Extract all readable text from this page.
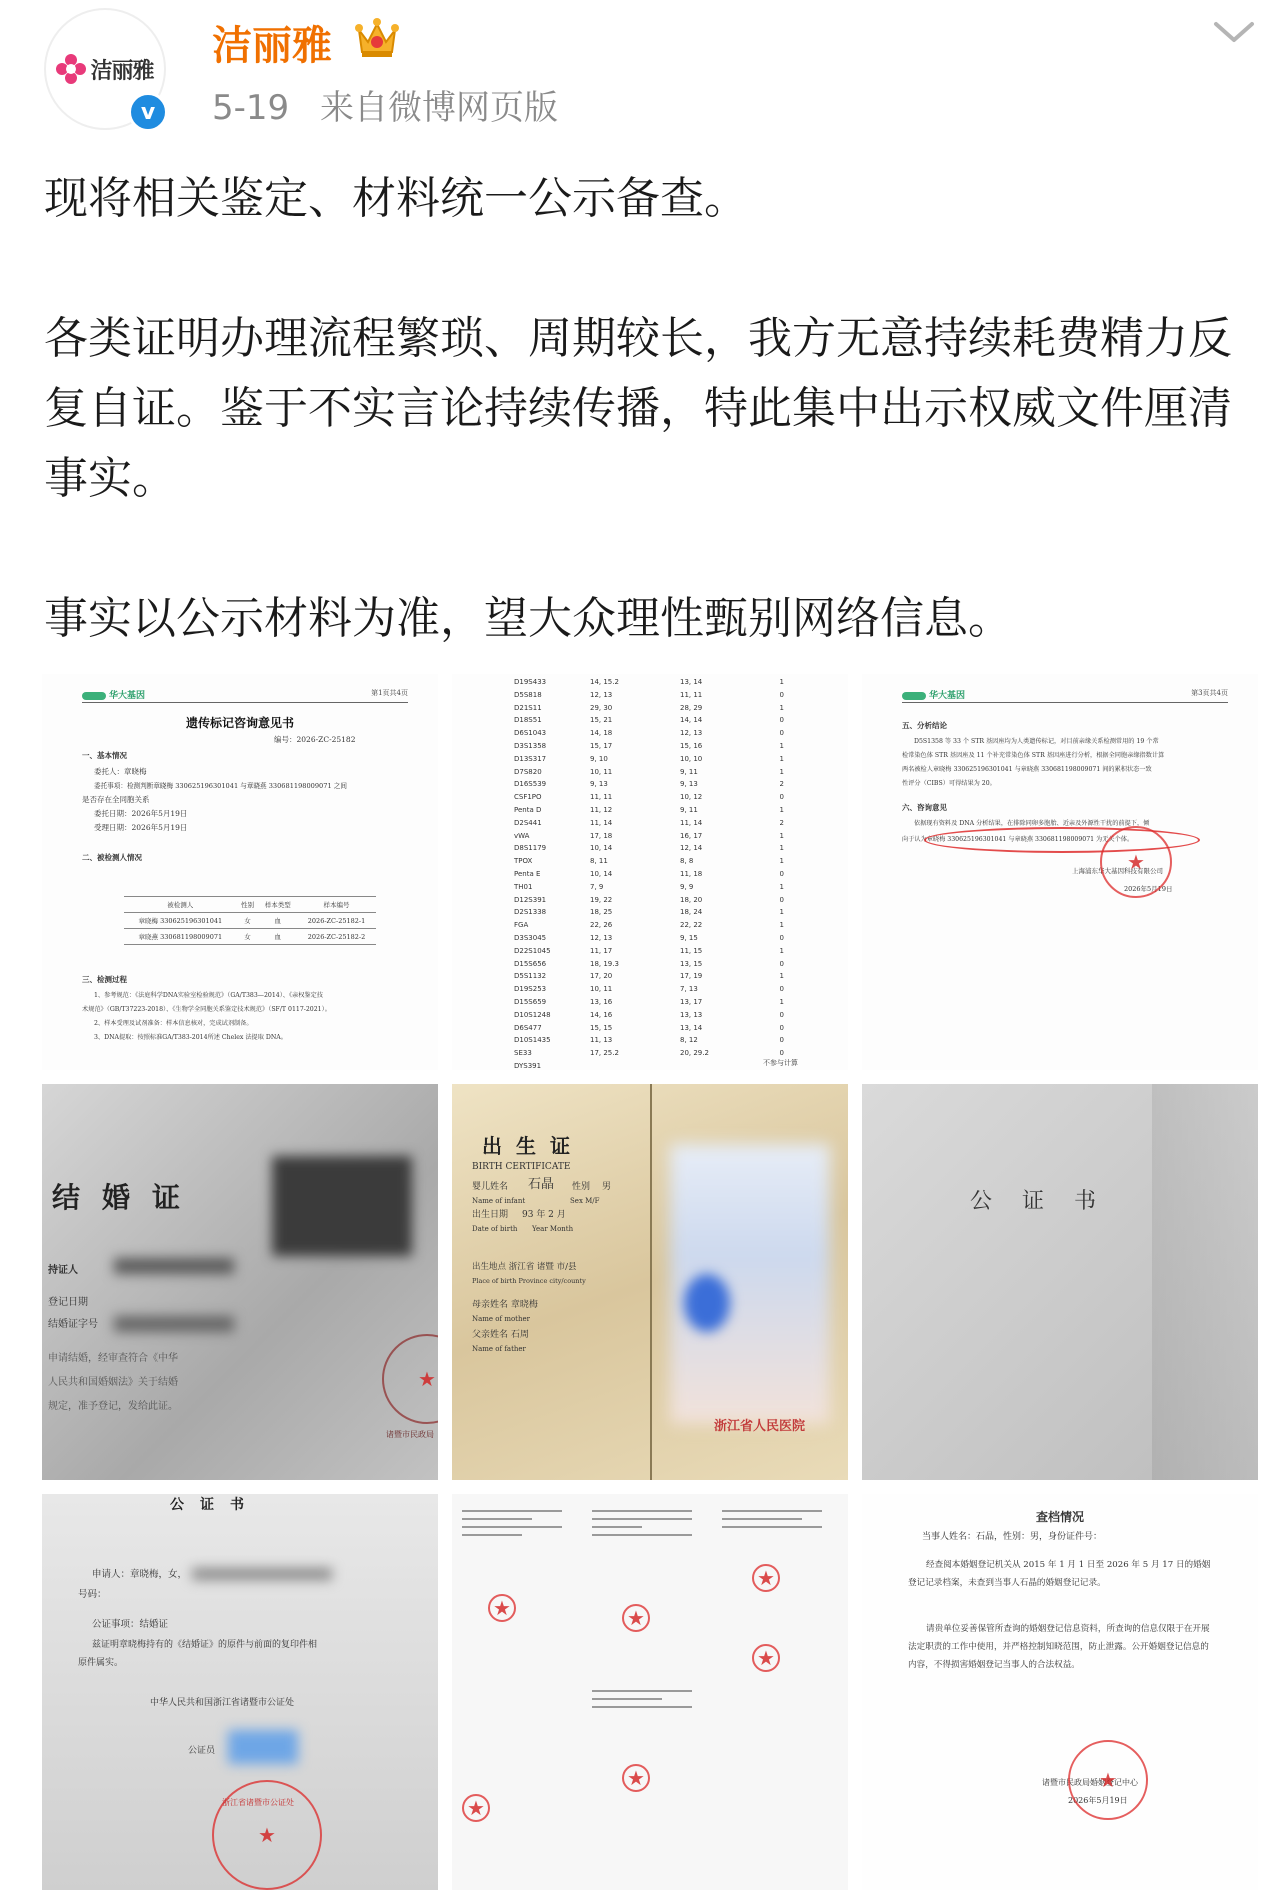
洁丽雅
v
洁丽雅
5-19 来自微博网页版

现将相关鉴定、材料统一公示备查。

各类证明办理流程繁琐、周期较长，我方无意持续耗费精力反复自证。鉴于不实言论持续传播，特此集中出示权威文件厘清事实。

事实以公示材料为准，望大众理性甄别网络信息。

华大基因	第1页共4页
遗传标记咨询意见书
编号：2026-ZC-25182
一、基本情况
委托人：章晓梅
委托事项：检测判断章晓梅 330625196301041 与章晓燕 330681198009071 之间
是否存在全同胞关系
委托日期：2026年5月19日
受理日期：2026年5月19日
二、被检测人情况
被检测人	性别	样本类型	样本编号
章晓梅 330625196301041	女	血	2026-ZC-25182-1
章晓燕 330681198009071	女	血	2026-ZC-25182-2
三、检测过程
1、参考规范：《法庭科学DNA实验室检验规范》（GA/T383—2014）、《亲权鉴定技
术规范》（GB/T37223-2018）、《生物学全同胞关系鉴定技术规范》（SF/T 0117-2021）。
2、样本受理及试剂准备：样本信息核对，完成试剂制备。
3、DNA提取：按照标准GA/T383-2014所述 Chelex 法提取 DNA。
D19S433	14, 15.2	13, 14	1
D5S818	12, 13	11, 11	0
D21S11	29, 30	28, 29	1
D18S51	15, 21	14, 14	0
D6S1043	14, 18	12, 13	0
D3S1358	15, 17	15, 16	1
D13S317	9, 10	10, 10	1
D7S820	10, 11	9, 11	1
D16S539	9, 13	9, 13	2
CSF1PO	11, 11	10, 12	0
Penta D	11, 12	9, 11	1
D2S441	11, 14	11, 14	2
vWA	17, 18	16, 17	1
D8S1179	10, 14	12, 14	1
TPOX	8, 11	8, 8	1
Penta E	10, 14	11, 18	0
TH01	7, 9	9, 9	1
D12S391	19, 22	18, 20	0
D2S1338	18, 25	18, 24	1
FGA	22, 26	22, 22	1
D3S3045	12, 13	9, 15	0
D22S1045	11, 17	11, 15	1
D15S656	18, 19.3	13, 15	0
D5S1132	17, 20	17, 19	1
D19S253	10, 11	7, 13	0
D15S659	13, 16	13, 17	1
D10S1248	14, 16	13, 13	0
D6S477	15, 15	13, 14	0
D10S1435	11, 13	8, 12	0
SE33	17, 25.2	20, 29.2	0
DYS391	不参与计算
华大基因	第3页共4页
五、分析结论
D5S1358 等 33 个 STR 基因座均为人类遗传标记，对目前亲缘关系检测常用的 19 个常
检常染色体 STR 基因座及 11 个补充常染色体 STR 基因座进行分析，根据全同胞亲缘指数计算
两名被检人章晓梅 330625196301041 与章晓燕 330681198009071 间的累积状态一致
性评分（CIBS）可得结果为 20。
六、咨询意见
依据现有资料及 DNA 分析结果，在排除同卵多胞胎、近亲及外源性干扰的前提下，倾
向于认为章晓梅 330625196301041 与章晓燕 330681198009071 为无关个体。
上海浦东华大基因科技有限公司
2026年5月19日
★
结婚证
持证人
登记日期
结婚证字号
申请结婚，经审查符合《中华
人民共和国婚姻法》关于结婚
规定，准予登记，发给此证。
★
诸暨市民政局
出生证
BIRTH CERTIFICATE
婴儿姓名 石晶 性别 男
Name of infant	Sex M/F
出生日期 93 年 2 月
Date of birth Year Month
出生地点 浙江省 诸暨 市/县
Place of birth Province city/county
母亲姓名 章晓梅
Name of mother
父亲姓名 石周
Name of father
浙江省人民医院
公证书
公证书
申请人：章晓梅，女，
号码：
公证事项：结婚证
兹证明章晓梅持有的《结婚证》的原件与前面的复印件相
原件属实。
中华人民共和国浙江省诸暨市公证处
公证员
★
浙江省诸暨市公证处
★
★
★
★
★
★
查档情况
当事人姓名：石晶，性别：男，身份证件号：
经查阅本婚姻登记机关从 2015 年 1 月 1 日至 2026 年 5 月 17 日的婚姻登记记录档案，未查到当事人石晶的婚姻登记记录。
请贵单位妥善保管所查询的婚姻登记信息资料，所查询的信息仅限于在开展法定职责的工作中使用，并严格控制知晓范围，防止泄露。公开婚姻登记信息的内容，不得损害婚姻登记当事人的合法权益。
诸暨市民政局婚姻登记中心
2026年5月19日
★
